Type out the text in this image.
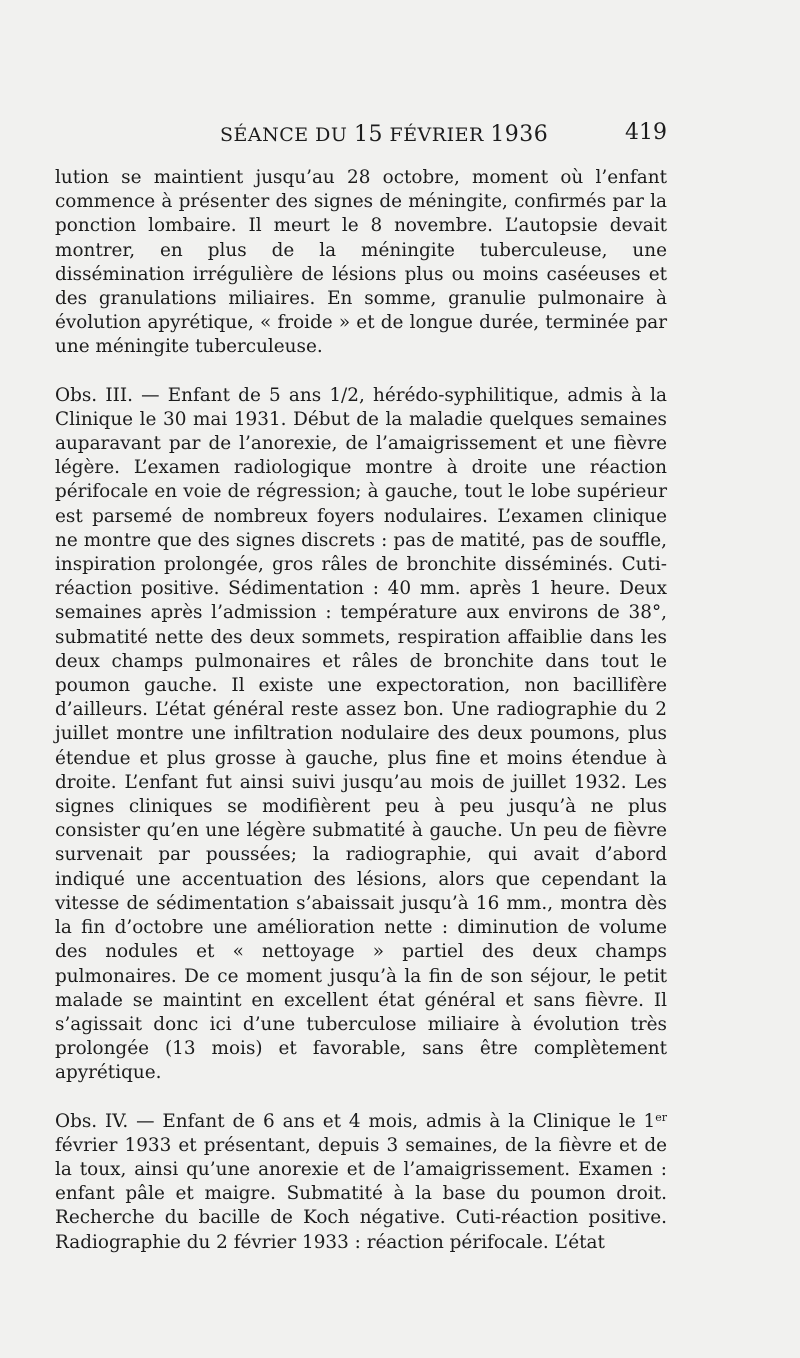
SÉANCE DU 15 FÉVRIER 1936	419

lution se maintient jusqu’au 28 octobre, moment où l’enfant commence à présenter des signes de méningite, confirmés par la ponction lombaire. Il meurt le 8 novembre. L’autopsie devait montrer, en plus de la méningite tuberculeuse, une dissémination irrégulière de lésions plus ou moins caséeuses et des granulations miliaires. En somme, granulie pulmonaire à évolution apyrétique, « froide » et de longue durée, terminée par une méningite tuberculeuse.

Obs. III. — Enfant de 5 ans 1/2, hérédo-syphilitique, admis à la Clinique le 30 mai 1931. Début de la maladie quelques semaines auparavant par de l’anorexie, de l’amaigrissement et une fièvre légère. L’examen radiologique montre à droite une réaction périfocale en voie de régression; à gauche, tout le lobe supérieur est parsemé de nombreux foyers nodulaires. L’examen clinique ne montre que des signes discrets : pas de matité, pas de souffle, inspiration prolongée, gros râles de bronchite disséminés. Cuti-réaction positive. Sédimentation : 40 mm. après 1 heure. Deux semaines après l’admission : température aux environs de 38°, submatité nette des deux sommets, respiration affaiblie dans les deux champs pulmonaires et râles de bronchite dans tout le poumon gauche. Il existe une expectoration, non bacillifère d’ailleurs. L’état général reste assez bon. Une radiographie du 2 juillet montre une infiltration nodulaire des deux poumons, plus étendue et plus grosse à gauche, plus fine et moins étendue à droite. L’enfant fut ainsi suivi jusqu’au mois de juillet 1932. Les signes cliniques se modifièrent peu à peu jusqu’à ne plus consister qu’en une légère submatité à gauche. Un peu de fièvre survenait par poussées; la radiographie, qui avait d’abord indiqué une accentuation des lésions, alors que cependant la vitesse de sédimentation s’abaissait jusqu’à 16 mm., montra dès la fin d’octobre une amélioration nette : diminution de volume des nodules et « nettoyage » partiel des deux champs pulmonaires. De ce moment jusqu’à la fin de son séjour, le petit malade se maintint en excellent état général et sans fièvre. Il s’agissait donc ici d’une tuberculose miliaire à évolution très prolongée (13 mois) et favorable, sans être complètement apyrétique.

Obs. IV. — Enfant de 6 ans et 4 mois, admis à la Clinique le 1er février 1933 et présentant, depuis 3 semaines, de la fièvre et de la toux, ainsi qu’une anorexie et de l’amaigrissement. Examen : enfant pâle et maigre. Submatité à la base du poumon droit. Recherche du bacille de Koch négative. Cuti-réaction positive. Radiographie du 2 février 1933 : réaction périfocale. L’état
